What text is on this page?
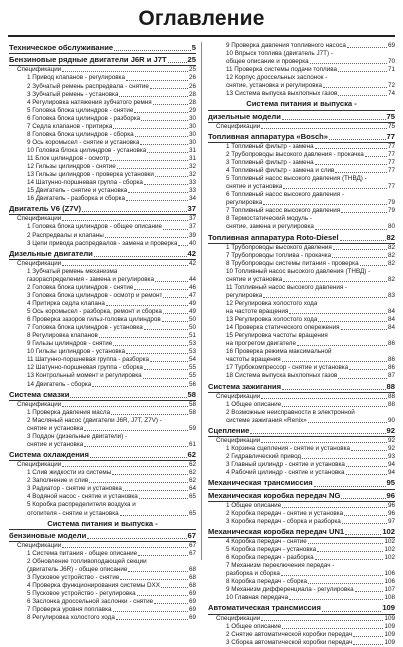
Оглавление
Техническое обслуживание	5
Бензиновые рядные двигатели J6R и J7T	25
Спецификации	25
1 Привод клапанов - регулировка	26
2 Зубчатый ремень распредвала - снятие	26
3 Зубчатый ремень - установка	28
4 Регулировка натяжения зубчатого ремня	28
5 Головка блока цилиндров - снятие	29
6 Головка блока цилиндров - разборка	30
7 Седла клапанов - притирка	30
8 Головка блока цилиндров - сборка	30
9 Ось коромысел - снятие и установка	30
10 Головка блока цилиндров - установка	31
11 Блок цилиндров - осмотр	31
12 Гильзы цилиндров - снятие	32
13 Гильзы цилиндров - проверка установки	32
14 Шатунно-поршневая группа - сборка	33
15 Двигатель - снятие и установка	33
16 Двигатель - разборка и сборка	34
Двигатель V6 (Z7V)	37
Спецификации	37
1 Головка блока цилиндров - общее описание	37
2 Распредвалы и клапаны	39
3 Цепи привода распредвалов - замена и проверка 40
Дизельные двигатели	42
Спецификации	42
1 Зубчатый ремень механизма
газораспределения - замена и регулировка	44
2 Головка блока цилиндров - снятие	46
3 Головка блока цилиндров - осмотр и ремонт	47
4 Притирка седла клапана	49
5 Ось коромысел - разборка, ремонт и сборка	49
6 Проверка зазоров гильз-головка цилиндров	50
7 Головка блока цилиндров - установка	50
8 Регулировка клапанов	51
9 Гильзы цилиндров - снятие	53
10 Гильзы цилиндров - установка	53
11 Шатунно-поршневая группа - разборка	54
12 Шатунно-поршневая группа - сборка	55
13 Контрольный момент и регулировка	55
14 Двигатель - сборка	56
Система смазки	58
Спецификации	58
1 Проверка давления масла	58
2 Масляный насос (двигатели J6R, J7T, Z7V) -
снятие и установка	59
3 Поддон (дизельные двигатели) -
снятие и установка	61
Система охлаждения	62
Спецификации	62
1 Слив жидкости из системы	62
2 Заполнение и слив	62
3 Радиатор - снятие и установка	64
4 Водяной насос - снятие и установка	65
5 Коробка распределителя воздуха и
отопителя - снятие и установка	65
Система питания и выпуска -
бензиновые модели	67
Спецификации	67
1 Система питания - общее описание	67
2 Обновление топливоподающей секции
(двигатель J6R) - общее описание	68
3 Пусковое устройство - снятие	68
4 Проверка функционирования системы DXX	68
5 Пусковое устройство - регулировка	69
6 Заслонка дроссельной заслонки - снятие	69
7 Проверка уровня поплавка	69
8 Регулировка холостого хода	69
9 Проверка давления топливного насоса	69
10 Впрыск топлива (двигатель J7T) -
общее описание и проверка	70
11 Проверка системы подачи топлива	71
12 Корпус дроссельных заслонок -
снятие, установка и регулировка	72
13 Система выпуска выхлопных газов	74
Система питания и выпуска -
дизельные модели	75
Спецификации	75
Топливная аппаратура «Bosch»	77
1 Топливный фильтр - замена	77
2 Трубопроводы высокого давления - прокачка	77
3 Топливный фильтр - замена	77
4 Топливный фильтр - замена и слив	77
5 Топливный насос высокого давления (ТНВД) -
снятие и установка	77
6 Топливный насос высокого давления -
регулировка	79
7 Топливный насос высокого давления	79
8 Термостатический модуль -
снятие, замена и регулировка	80
Топливная аппаратура Roto-Diesel	82
1 Трубопроводы высокого давления	82
7 Трубопроводы топлива - прокачка	82
8 Трубопроводы системы питания - проверка	82
10 Топливный насос высокого давления (ТНВД) -
снятие и установка	82
11 Топливный насос высокого давления -
регулировка	83
12 Регулировка холостого хода
на частоте вращения	84
13 Регулировка холостого хода	84
14 Проверка статического опережения	84
15 Регулировка частоты вращения
на прогретом двигателе	86
16 Проверка режима максимальной
частоты вращения	86
17 Турбокомпрессор - снятие и установка	86
18 Система выпуска выхлопных газов	87
Система зажигания	88
Спецификации	88
1 Общее описание	88
2 Возможные неисправности в электронной
системе зажигания «Renix»	90
Сцепление	92
Спецификации	92
1 Корзина сцепления - снятие и установка	92
2 Гидравлический привод	93
3 Главный цилиндр - снятие и установка	94
4 Рабочий цилиндр - снятие и установка	94
Механическая трансмиссия	95
Механическая коробка передач NG	96
1 Общее описание	96
2 Коробка передач - снятие и установка	96
3 Коробка передач - сборка и разборка	97
Механическая коробка передач UN1	102
4 Коробка передач - снятие	102
5 Коробка передач - установка	102
6 Коробка передач - разборка	102
7 Механизм переключения передач -
разборка и сборка	106
8 Коробка передач - сборка	106
9 Механизм дифференциала - регулировка	107
10 Главная передача	108
Автоматическая трансмиссия	109
Спецификации	109
1 Общее описание	109
2 Снятие автоматической коробки передач	109
3 Сборка автоматической коробки передач	109
